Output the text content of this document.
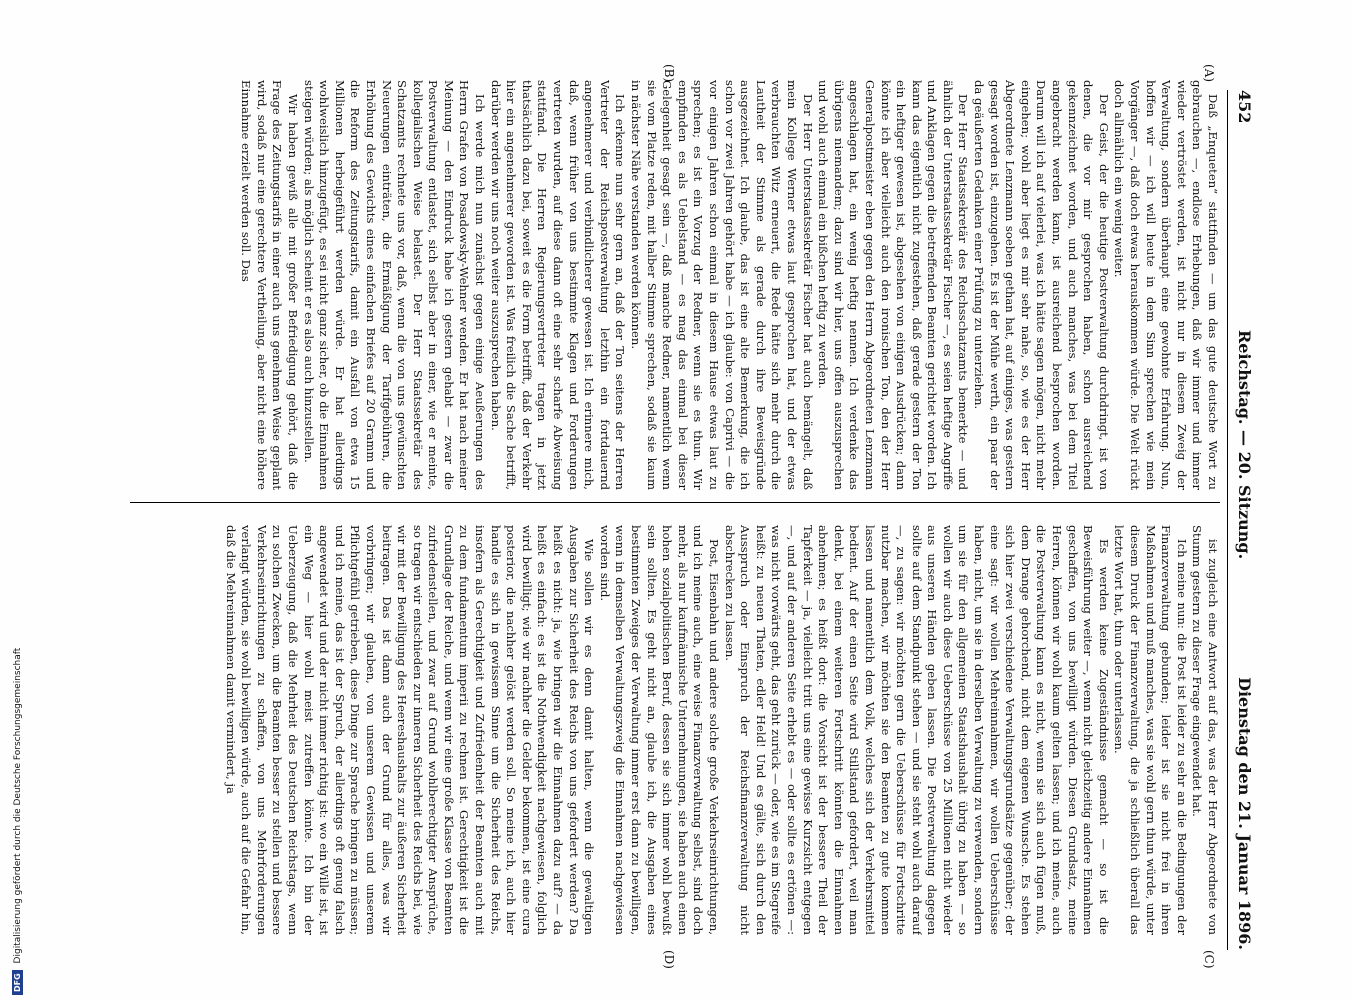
452
Reichstag. — 20. Sitzung.
Dienstag den 21. Januar 1896.
(A)
(B)
(C)
(D)

Daß „Enqueten“ stattfinden — um das gute deutsche Wort zu gebrauchen —, endlose Erhebungen, daß wir immer und immer wieder vertröstet werden, ist nicht nur in diesem Zweig der Verwaltung, sondern überhaupt eine gewohnte Erfahrung. Nun, hoffen wir — ich will heute in dem Sinn sprechen wie mein Vorgänger —, daß doch etwas herauskommen würde. Die Welt rückt doch allmählich ein wenig weiter.

Der Geist, der die heutige Postverwaltung durchdringt, ist von denen, die vor mir gesprochen haben, schon ausreichend gekennzeichnet worden, und auch manches, was bei dem Titel angebracht werden kann, ist ausreichend besprochen worden. Darum will ich auf vielerlei, was ich hätte sagen mögen, nicht mehr eingehen; wohl aber liegt es mir sehr nahe, so, wie es der Herr Abgeordnete Lenzmann soeben gethan hat, auf einiges, was gestern gesagt worden ist, einzugehen. Es ist der Mühe werth, ein paar der da geäußerten Gedanken einer Prüfung zu unterziehen.

Der Herr Staatssekretär des Reichsschatzamts bemerkte — und ähnlich der Unterstaatssekretär Fischer —, es seien heftige Angriffe und Anklagen gegen die betreffenden Beamten gerichtet worden. Ich kann das eigentlich nicht zugestehen, daß gerade gestern der Ton ein heftiger gewesen ist, abgesehen von einigen Ausdrücken; dann könnte ich aber vielleicht auch den ironischen Ton, den der Herr Generalpostmeister eben gegen den Herrn Abgeordneten Lenzmann angeschlagen hat, ein wenig heftig nennen. Ich verdenke das übrigens niemandem; dazu sind wir hier, uns offen auszusprechen und wohl auch einmal ein bißchen heftig zu werden.

Der Herr Unterstaatssekretär Fischer hat auch bemängelt, daß mein Kollege Werner etwas laut gesprochen hat, und der etwas verbrauchten Witz erneuert, die Rede hätte sich mehr durch die Lautheit der Stimme als gerade durch ihre Beweisgründe ausgezeichnet. Ich glaube, das ist eine alte Bemerkung, die ich schon vor zwei Jahren gehört habe — ich glaube: von Caprivi — die vor einigen Jahren schon einmal in diesem Hause etwas laut zu sprechen; es ist ein Vorzug der Redner, wenn sie es thun. Wir empfinden es als Uebelstand — es mag das einmal bei dieser Gelegenheit gesagt sein —, daß manche Redner, namentlich wenn sie vom Platze reden, mit halber Stimme sprechen, sodaß sie kaum in nächster Nähe verstanden werden können.

Ich erkenne nun sehr gern an, daß der Ton seitens der Herren Vertreter der Reichspostverwaltung letzthin ein fortdauernd angenehmerer und verbindlicherer gewesen ist. Ich erinnere mich, daß, wenn früher von uns bestimmte Klagen und Forderungen vertreten wurden, auf diese dann oft eine sehr scharfe Abweisung stattfand. Die Herren Regierungsvertreter tragen in jetzt thatsächlich dazu bei, soweit es die Form betrifft, daß der Verkehr hier ein angenehmerer geworden ist. Was freilich die Sache betrifft, darüber werden wir uns noch weiter auszusprechen haben.

Ich werde mich nun zunächst gegen einige Aeußerungen des Herrn Grafen von Posadowsky-Wehner wenden. Er hat nach meiner Meinung — den Eindruck habe ich gestern gehabt — zwar die Postverwaltung entlastet, sich selbst aber in einer, wie er meinte, kollegialischen Weise belastet. Der Herr Staatssekretär des Schatzamts rechnete uns vor, daß, wenn die von uns gewünschten Neuerungen einträten, die Ermäßigung der Tarifgebühren, die Erhöhung des Gewichts eines einfachen Briefes auf 20 Gramm und die Reform des Zeitungstarifs, damit ein Ausfall von etwa 15 Millionen herbeigeführt werden würde. Er hat allerdings wohlweislich hinzugefügt, es sei nicht ganz sicher, ob die Einnahmen steigen würden; als möglich scheint er es also auch hinzustellen.

Wir haben gewiß alle mit großer Befriedigung gehört, daß die Frage des Zeitungstarifs in einer auch uns genehmen Weise geplant wird, sodaß nur eine gerechtere Vertheilung, aber nicht eine höhere Einnahme erzielt werden soll. Das

ist zugleich eine Antwort auf das, was der Herr Abgeordnete von Stumm gestern zu dieser Frage eingewendet hat.

Ich meine nun: die Post ist leider zu sehr an die Bedingungen der Finanzverwaltung gebunden; leider ist sie nicht frei in ihren Maßnahmen und muß manches, was sie wohl gern thun würde, unter diesem Druck der Finanzverwaltung, die ja schließlich überall das letzte Wort hat, thun oder unterlassen.

Es werden keine Zugeständnisse gemacht — so ist die Beweisführung weiter —, wenn nicht gleichzeitig andere Einnahmen geschaffen, von uns bewilligt würden. Diesen Grundsatz, meine Herren, können wir wohl kaum gelten lassen; und ich meine, auch die Postverwaltung kann es nicht, wenn sie sich auch fügen muß, dem Drange gehorchend, nicht dem eigenen Wunsche. Es stehen sich hier zwei verschiedene Verwaltungsgrundsätze gegenüber; der eine sagt: wir wollen Mehreinnahmen, wir wollen Ueberschüsse haben, nicht, um sie in derselben Verwaltung zu verwenden, sondern um sie für den allgemeinen Staatshaushalt übrig zu haben — so wollen wir auch diese Ueberschüsse von 25 Millionen nicht wieder aus unseren Händen geben lassen. Die Postverwaltung dagegen sollte auf dem Standpunkt stehen — und sie steht wohl auch darauf —, zu sagen: wir möchten gern die Ueberschüsse für Fortschritte nutzbar machen, wir möchten sie den Beamten zu gute kommen lassen und namentlich dem Volk, welches sich der Verkehrsmittel bedient. Auf der einen Seite wird Stillstand gefordert, weil man denkt, bei einem weiteren Fortschritt könnten die Einnahmen abnehmen; es heißt dort: die Vorsicht ist der bessere Theil der Tapferkeit — ja, vielleicht tritt uns eine gewisse Kurzsicht entgegen —, und auf der anderen Seite erhebt es — oder sollte es ertönen —: was nicht vorwärts geht, das geht zurück — oder, wie es im Stegreife heißt: zu neuen Thaten, edler Held! Und es gälte, sich durch den Ausspruch oder Einspruch der Reichsfinanzverwaltung nicht abschrecken zu lassen.

Post, Eisenbahn und andere solche große Verkehrseinrichtungen, und ich meine auch, eine weise Finanzverwaltung selbst, sind doch mehr, als nur kaufmännische Unternehmungen, sie haben auch einen hohen sozialpolitischen Beruf, dessen sie sich immer wohl bewußt sein sollten. Es geht nicht an, glaube ich, die Ausgaben eines bestimmten Zweiges der Verwaltung immer erst dann zu bewilligen, wenn in demselben Verwaltungszweig die Einnahmen nachgewiesen worden sind.

Wie sollen wir es denn damit halten, wenn die gewaltigen Ausgaben zur Sicherheit des Reichs von uns gefordert werden? Da heißt es nicht: ja, wie bringen wir die Einnahmen dazu auf? — da heißt es einfach: es ist die Nothwendigkeit nachgewiesen, folglich wird bewilligt; wie wir nachher die Gelder bekommen, ist eine cura posterior, die nachher gelöst werden soll. So meine ich, auch hier handle es sich in gewissem Sinne um die Sicherheit des Reichs, insofern als Gerechtigkeit und Zufriedenheit der Beamten auch mit zu dem fundamentum imperii zu rechnen ist. Gerechtigkeit ist die Grundlage der Reiche, und wenn wir eine große Klasse von Beamten zufriedenstellen, und zwar auf Grund wohlberechtigter Ansprüche, so tragen wir entschieden zur inneren Sicherheit des Reichs bei, wie wir mit der Bewilligung des Heereshaushalts zur äußeren Sicherheit beitragen. Das ist dann auch der Grund für alles, was wir vorbringen; wir glauben, von unserem Gewissen und unserem Pflichtgefühl getrieben, diese Dinge zur Sprache bringen zu müssen; und ich meine, das ist der Spruch, der allerdings oft genug falsch angewendet wird und der nicht immer richtig ist: wo ein Wille ist, ist ein Weg — hier wohl meist zutreffen könnte. Ich bin der Ueberzeugung, daß die Mehrheit des Deutschen Reichstags, wenn zu solchen Zwecken, um die Beamten besser zu stellen und bessere Verkehrseinrichtungen zu schaffen, von uns Mehrforderungen verlangt würden, sie wohl bewilligen würde, auch auf die Gefahr hin, daß die Mehreinnahmen damit vermindert, ja

DFG Digitalisierung gefördert durch die Deutsche Forschungsgemeinschaft
